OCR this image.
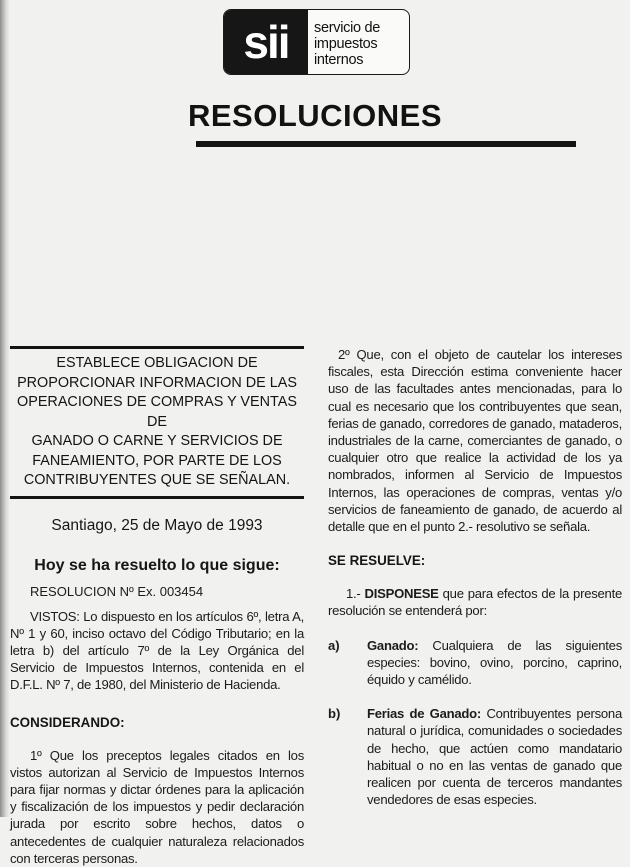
sii	servicio de
impuestos
internos
RESOLUCIONES
ESTABLECE OBLIGACION DE
PROPORCIONAR INFORMACION DE LAS
OPERACIONES DE COMPRAS Y VENTAS DE
GANADO O CARNE Y SERVICIOS DE
FANEAMIENTO, POR PARTE DE LOS
CONTRIBUYENTES QUE SE SEÑALAN.
Santiago, 25 de Mayo de 1993
Hoy se ha resuelto lo que sigue:
RESOLUCION Nº Ex. 003454

VISTOS: Lo dispuesto en los artículos 6º, letra A, Nº 1 y 60, inciso octavo del Código Tributario; en la letra b) del artículo 7º de la Ley Orgánica del Servicio de Impuestos Internos, contenida en el D.F.L. Nº 7, de 1980, del Ministerio de Hacienda.

CONSIDERANDO:

1º Que los preceptos legales citados en los vistos autorizan al Servicio de Impuestos Internos para fijar normas y dictar órdenes para la aplicación y fiscalización de los impuestos y pedir declaración jurada por escrito sobre hechos, datos o antecedentes de cualquier naturaleza relacionados con terceras personas.

2º Que, con el objeto de cautelar los intereses fiscales, esta Dirección estima conveniente hacer uso de las facultades antes mencionadas, para lo cual es necesario que los contribuyentes que sean, ferias de ganado, corredores de ganado, mataderos, industriales de la carne, comerciantes de ganado, o cualquier otro que realice la actividad de los ya nombrados, informen al Servicio de Impuestos Internos, las operaciones de compras, ventas y/o servicios de faneamiento de ganado, de acuerdo al detalle que en el punto 2.- resolutivo se señala.

SE RESUELVE:

1.- DISPONESE que para efectos de la presente resolución se entenderá por:

a) Ganado: Cualquiera de las siguientes especies: bovino, ovino, porcino, caprino, équido y camélido.

b) Ferias de Ganado: Contribuyentes persona natural o jurídica, comunidades o sociedades de hecho, que actúen como mandatario habitual o no en las ventas de ganado que realicen por cuenta de terceros mandantes vendedores de esas especies.
